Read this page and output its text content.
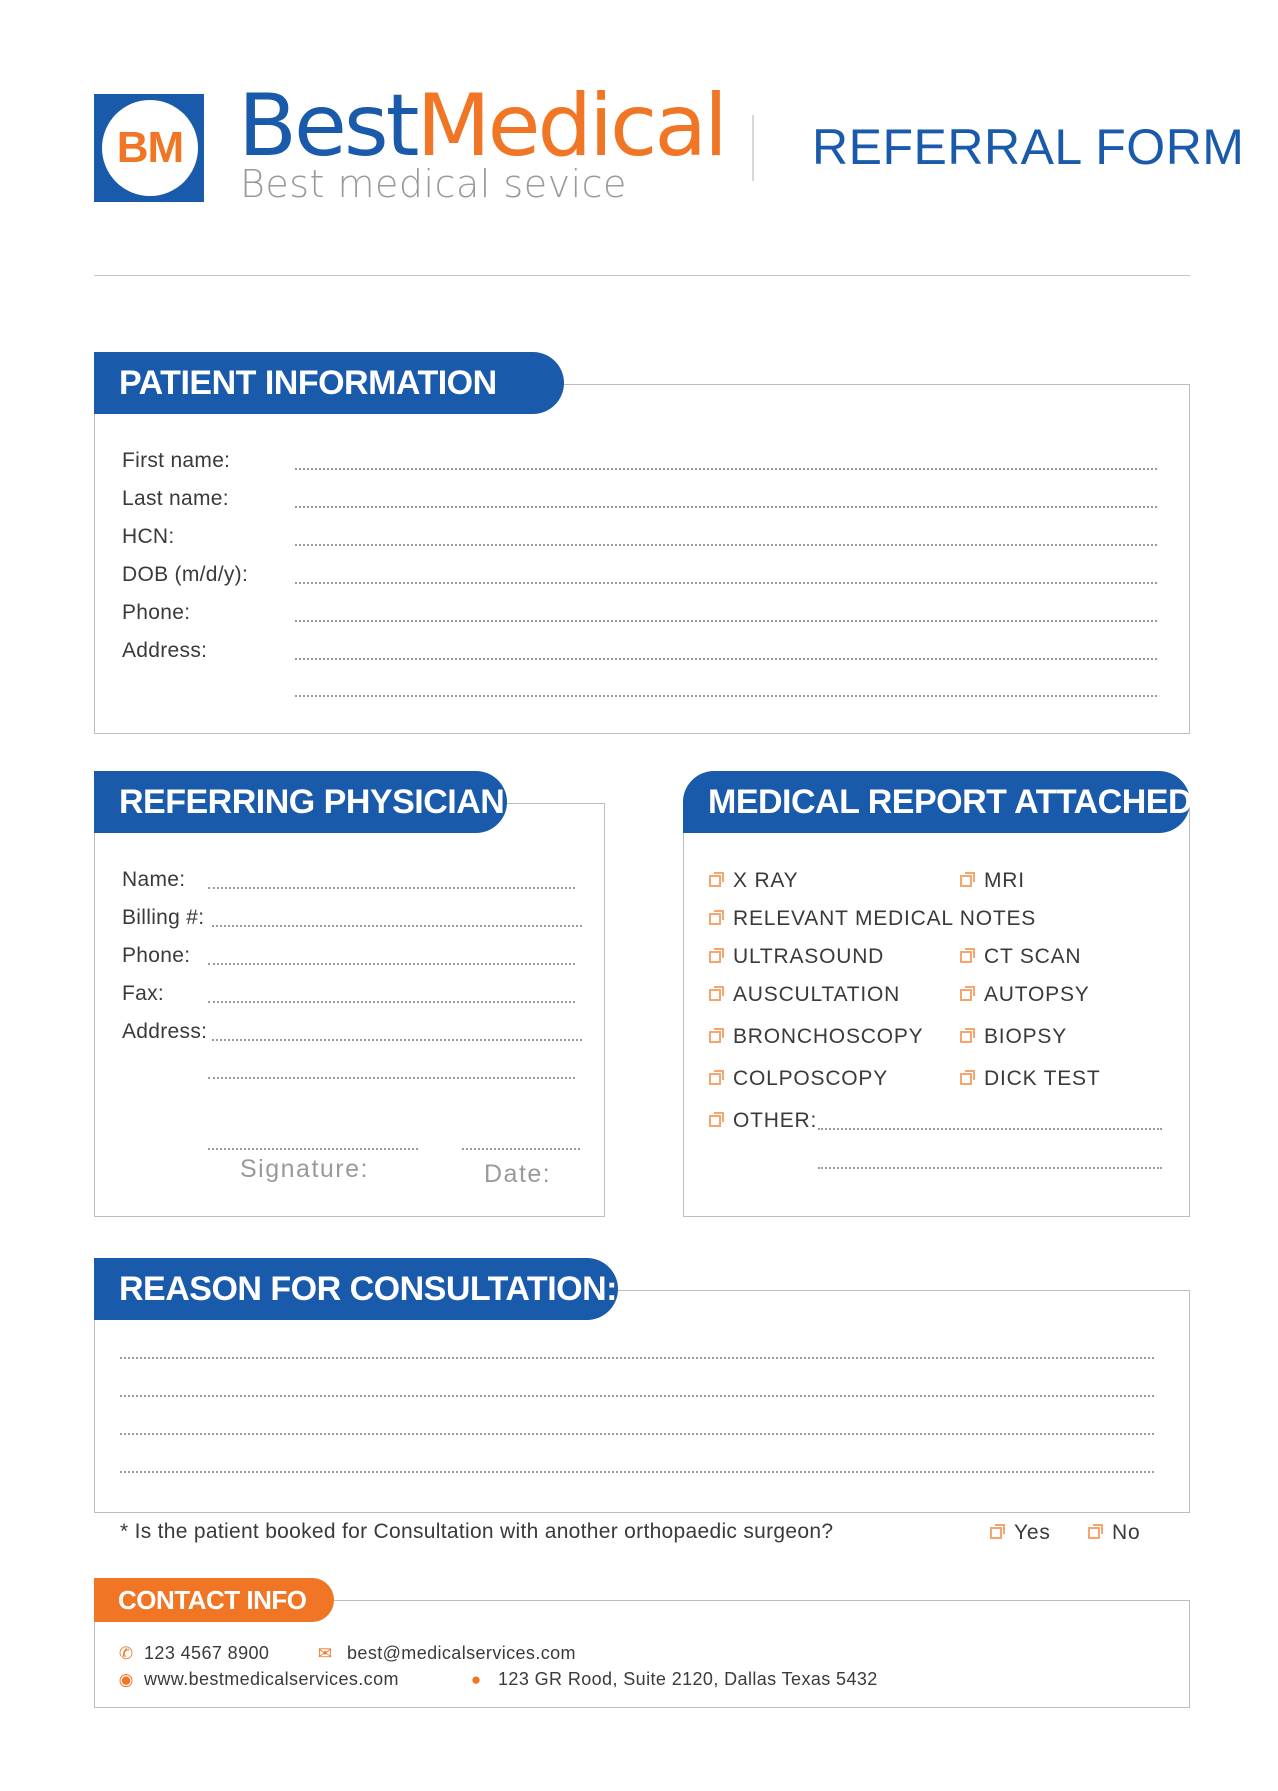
BM BestMedical
Best medical sevice
REFERRAL FORM
PATIENT INFORMATION
First name:
Last name:
HCN:
DOB (m/d/y):
Phone:
Address:
REFERRING PHYSICIAN
Name:
Billing #:
Phone:
Fax:
Address:
Signature:	Date:
MEDICAL REPORT ATTACHED
X RAY	MRI
RELEVANT MEDICAL NOTES
ULTRASOUND	CT SCAN
AUSCULTATION	AUTOPSY
BRONCHOSCOPY	BIOPSY
COLPOSCOPY	DICK TEST
OTHER:
REASON FOR CONSULTATION:
* Is the patient booked for Consultation with another orthopaedic surgeon?	Yes	No
CONTACT INFO
✆ 123 4567 8900	✉ best@medicalservices.com
◉ www.bestmedicalservices.com	● 123 GR Rood, Suite 2120, Dallas Texas 5432
